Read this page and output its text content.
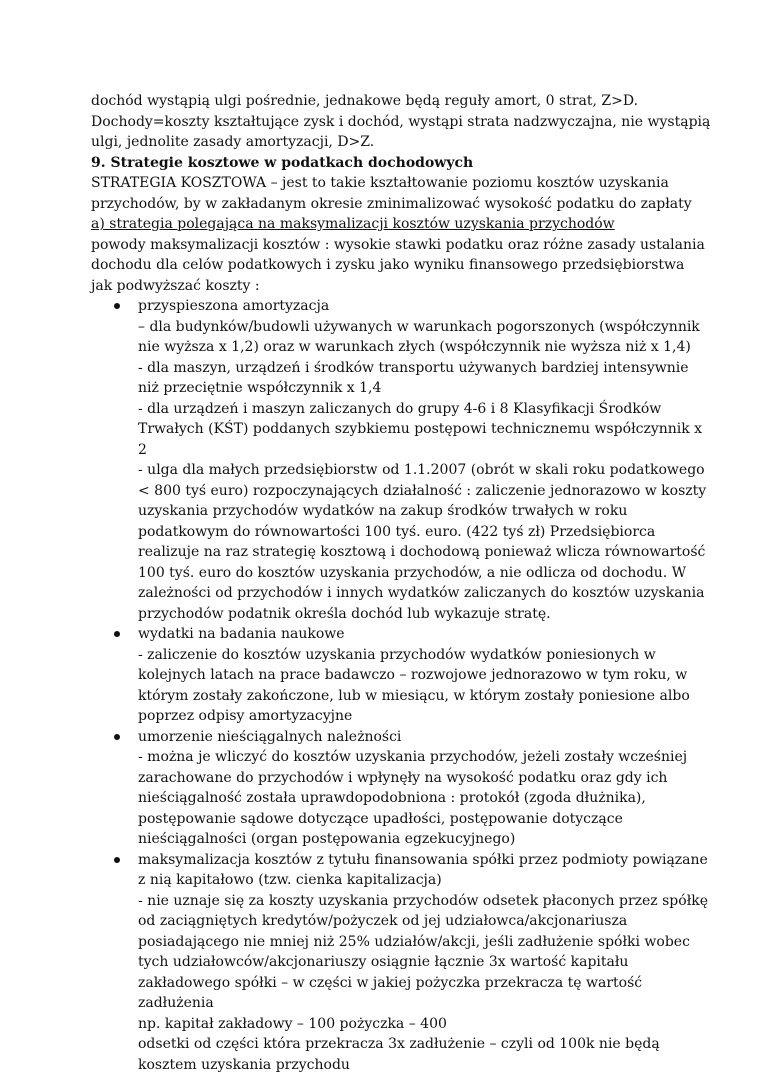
dochód wystąpią ulgi pośrednie, jednakowe będą reguły amort, 0 strat, Z>D.
Dochody=koszty kształtujące zysk i dochód, wystąpi strata nadzwyczajna, nie wystąpią
ulgi, jednolite zasady amortyzacji, D>Z.
9. Strategie kosztowe w podatkach dochodowych
STRATEGIA KOSZTOWA – jest to takie kształtowanie poziomu kosztów uzyskania
przychodów, by w zakładanym okresie zminimalizować wysokość podatku do zapłaty
a) strategia polegająca na maksymalizacji kosztów uzyskania przychodów
powody maksymalizacji kosztów : wysokie stawki podatku oraz różne zasady ustalania
dochodu dla celów podatkowych i zysku jako wyniku finansowego przedsiębiorstwa
jak podwyższać koszty :
przyspieszona amortyzacja
– dla budynków/budowli używanych w warunkach pogorszonych (współczynnik
nie wyższa x 1,2) oraz w warunkach złych (współczynnik nie wyższa niż x 1,4)
- dla maszyn, urządzeń i środków transportu używanych bardziej intensywnie
niż przeciętnie współczynnik x 1,4
- dla urządzeń i maszyn zaliczanych do grupy 4-6 i 8 Klasyfikacji Środków
Trwałych (KŚT) poddanych szybkiemu postępowi technicznemu współczynnik x
2
- ulga dla małych przedsiębiorstw od 1.1.2007 (obrót w skali roku podatkowego
< 800 tyś euro) rozpoczynających działalność : zaliczenie jednorazowo w koszty
uzyskania przychodów wydatków na zakup środków trwałych w roku
podatkowym do równowartości 100 tyś. euro. (422 tyś zł) Przedsiębiorca
realizuje na raz strategię kosztową i dochodową ponieważ wlicza równowartość
100 tyś. euro do kosztów uzyskania przychodów, a nie odlicza od dochodu. W
zależności od przychodów i innych wydatków zaliczanych do kosztów uzyskania
przychodów podatnik określa dochód lub wykazuje stratę.
wydatki na badania naukowe
- zaliczenie do kosztów uzyskania przychodów wydatków poniesionych w
kolejnych latach na prace badawczo – rozwojowe jednorazowo w tym roku, w
którym zostały zakończone, lub w miesiącu, w którym zostały poniesione albo
poprzez odpisy amortyzacyjne
umorzenie nieściągalnych należności
- można je wliczyć do kosztów uzyskania przychodów, jeżeli zostały wcześniej
zarachowane do przychodów i wpłynęły na wysokość podatku oraz gdy ich
nieściągalność została uprawdopodobniona : protokół (zgoda dłużnika),
postępowanie sądowe dotyczące upadłości, postępowanie dotyczące
nieściągalności (organ postępowania egzekucyjnego)
maksymalizacja kosztów z tytułu finansowania spółki przez podmioty powiązane
z nią kapitałowo (tzw. cienka kapitalizacja)
- nie uznaje się za koszty uzyskania przychodów odsetek płaconych przez spółkę
od zaciągniętych kredytów/pożyczek od jej udziałowca/akcjonariusza
posiadającego nie mniej niż 25% udziałów/akcji, jeśli zadłużenie spółki wobec
tych udziałowców/akcjonariuszy osiągnie łącznie 3x wartość kapitału
zakładowego spółki – w części w jakiej pożyczka przekracza tę wartość
zadłużenia
np. kapitał zakładowy – 100 pożyczka – 400
odsetki od części która przekracza 3x zadłużenie – czyli od 100k nie będą
kosztem uzyskania przychodu
